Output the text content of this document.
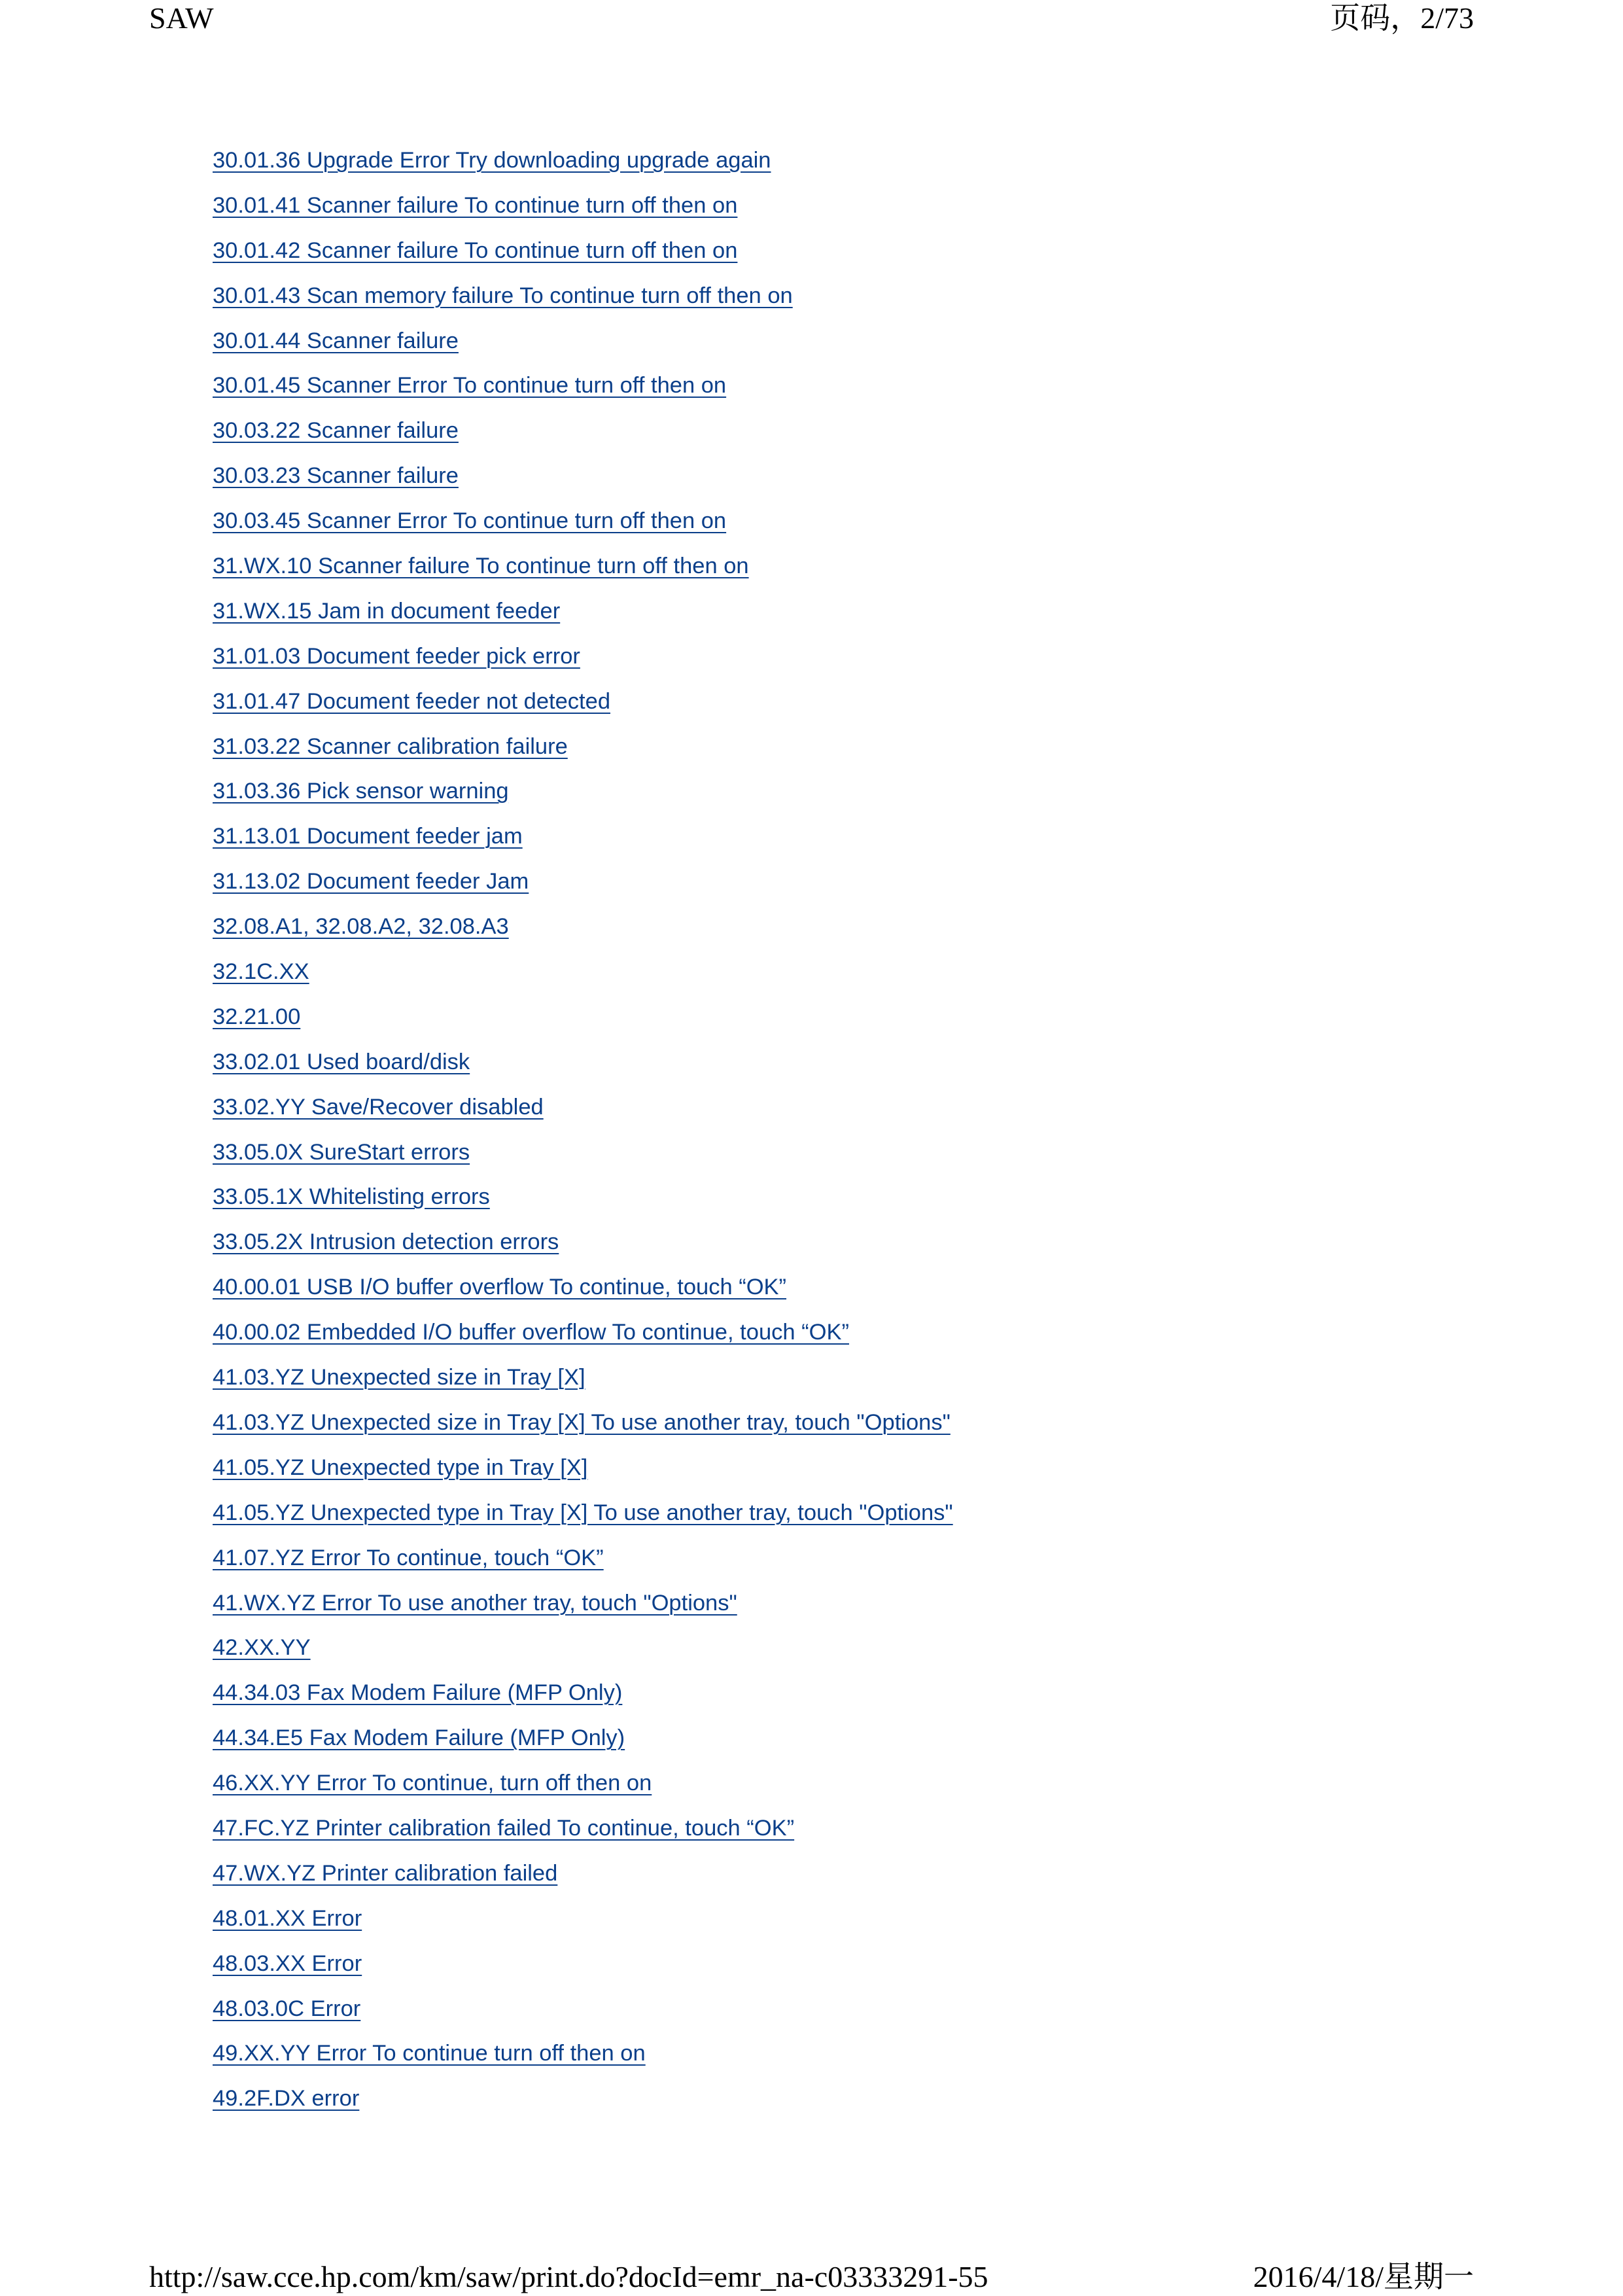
SAW	页码，2/73
30.01.36 Upgrade Error Try downloading upgrade again
30.01.41 Scanner failure To continue turn off then on
30.01.42 Scanner failure To continue turn off then on
30.01.43 Scan memory failure To continue turn off then on
30.01.44 Scanner failure
30.01.45 Scanner Error To continue turn off then on
30.03.22 Scanner failure
30.03.23 Scanner failure
30.03.45 Scanner Error To continue turn off then on
31.WX.10 Scanner failure To continue turn off then on
31.WX.15 Jam in document feeder
31.01.03 Document feeder pick error
31.01.47 Document feeder not detected
31.03.22 Scanner calibration failure
31.03.36 Pick sensor warning
31.13.01 Document feeder jam
31.13.02 Document feeder Jam
32.08.A1, 32.08.A2, 32.08.A3
32.1C.XX
32.21.00
33.02.01 Used board/disk
33.02.YY Save/Recover disabled
33.05.0X SureStart errors
33.05.1X Whitelisting errors
33.05.2X Intrusion detection errors
40.00.01 USB I/O buffer overflow To continue, touch “OK”
40.00.02 Embedded I/O buffer overflow To continue, touch “OK”
41.03.YZ Unexpected size in Tray [X]
41.03.YZ Unexpected size in Tray [X] To use another tray, touch "Options"
41.05.YZ Unexpected type in Tray [X]
41.05.YZ Unexpected type in Tray [X] To use another tray, touch "Options"
41.07.YZ Error To continue, touch “OK”
41.WX.YZ Error To use another tray, touch "Options"
42.XX.YY
44.34.03 Fax Modem Failure (MFP Only)
44.34.E5 Fax Modem Failure (MFP Only)
46.XX.YY Error To continue, turn off then on
47.FC.YZ Printer calibration failed To continue, touch “OK”
47.WX.YZ Printer calibration failed
48.01.XX Error
48.03.XX Error
48.03.0C Error
49.XX.YY Error To continue turn off then on
49.2F.DX error
http://saw.cce.hp.com/km/saw/print.do?docId=emr_na-c03333291-55	2016/4/18/星期一
